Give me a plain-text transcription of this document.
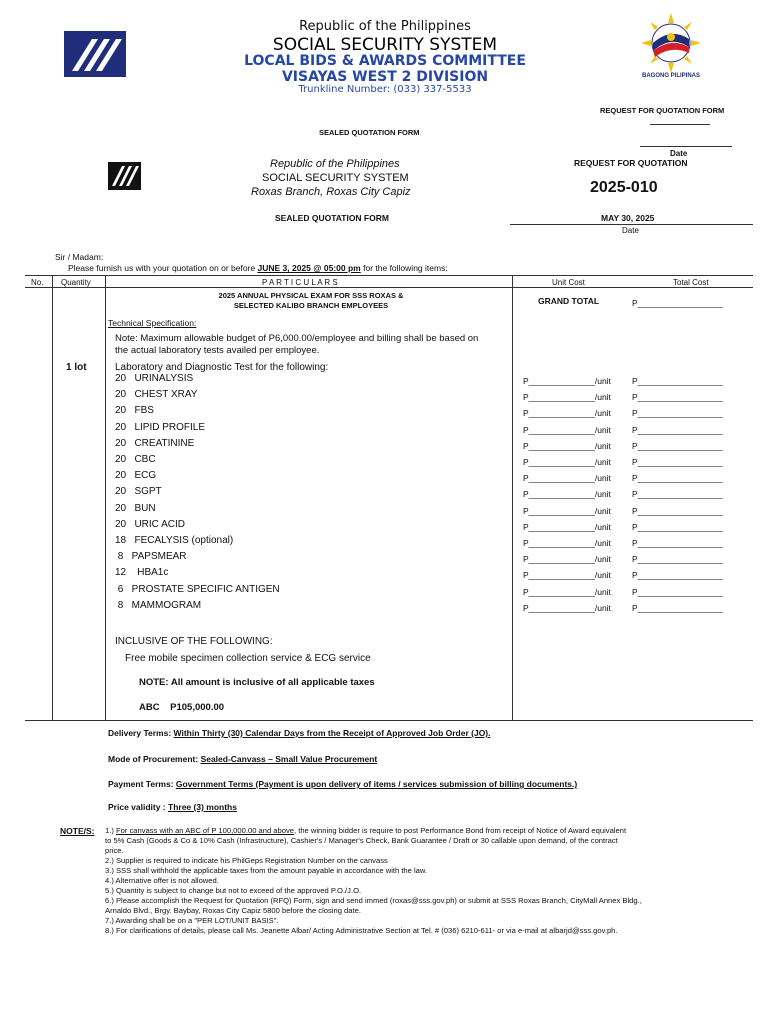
Republic of the Philippines
SOCIAL SECURITY SYSTEM
LOCAL BIDS & AWARDS COMMITTEE
VISAYAS WEST 2 DIVISION
Trunkline Number: (033) 337-5533
BAGONG PILIPINAS
REQUEST FOR QUOTATION FORM
SEALED QUOTATION FORM
Date
Republic of the Philippines
SOCIAL SECURITY SYSTEM
Roxas Branch, Roxas City Capiz
REQUEST FOR QUOTATION
2025-010
SEALED QUOTATION FORM	MAY 30, 2025
Date
Sir / Madam:
Please furnish us with your quotation on or before JUNE 3, 2025 @ 05:00 pm for the following items:
No. Quantity	P A R T I C U L A R S	Unit Cost	Total Cost
2025 ANNUAL PHYSICAL EXAM FOR SSS ROXAS &
SELECTED KALIBO BRANCH EMPLOYEES	GRAND TOTAL	P__________________
Technical Specification:
Note: Maximum allowable budget of P6,000.00/employee and billing shall be based on
the actual laboratory tests availed per employee.
1 lot	Laboratory and Diagnostic Test for the following:
20   URINALYSIS	P______________/unit P__________________
20   CHEST XRAY	P______________/unit P__________________
20   FBS	P______________/unit P__________________
20   LIPID PROFILE	P______________/unit P__________________
20   CREATININE	P______________/unit P__________________
20   CBC	P______________/unit P__________________
20   ECG	P______________/unit P__________________
20   SGPT	P______________/unit P__________________
20   BUN	P______________/unit P__________________
20   URIC ACID	P______________/unit P__________________
18   FECALYSIS (optional)	P______________/unit P__________________
8   PAPSMEAR	P______________/unit P__________________
12    HBA1c	P______________/unit P__________________
6   PROSTATE SPECIFIC ANTIGEN	P______________/unit P__________________
8   MAMMOGRAM	P______________/unit P__________________
INCLUSIVE OF THE FOLLOWING:
Free mobile specimen collection service & ECG service
NOTE: All amount is inclusive of all applicable taxes
ABC    P105,000.00
Delivery Terms: Within Thirty (30) Calendar Days from the Receipt of Approved Job Order (JO).
Mode of Procurement: Sealed-Canvass – Small Value Procurement
Payment Terms: Government Terms (Payment is upon delivery of items / services submission of billing documents.)
Price validity : Three (3) months
NOTE/S: 1.) For canvass with an ABC of P 100,000.00 and above, the winning bidder is require to post Performance Bond from receipt of Notice of Award equivalent
to 5% Cash (Goods & Co & 10% Cash (Infrastructure), Cashier's / Manager's Check, Bank Guarantee / Draft or 30 callable upon demand, of the contract
price.
2.) Supplier is required to indicate his PhilGeps Registration Number on the canvass
3.) SSS shall withhold the applicable taxes from the amount payable in accordance with the law.
4.) Alternative offer is not allowed.
5.) Quantity is subject to change but not to exceed of the approved P.O./J.O.
6.) Please accomplish the Request for Quotation (RFQ) Form, sign and send immed (roxas@sss.gov.ph) or submit at SSS Roxas Branch, CityMall Annex Bldg.,
Arnaldo Blvd., Brgy. Baybay, Roxas City Capiz 5800 before the closing date.
7.) Awarding shall be on a "PER LOT/UNIT BASIS".
8.) For clarifications of details, please call Ms. Jeanette Albar/ Acting Administrative Section at Tel. # (036) 6210-611- or via e-mail at albarjd@sss.gov.ph.
